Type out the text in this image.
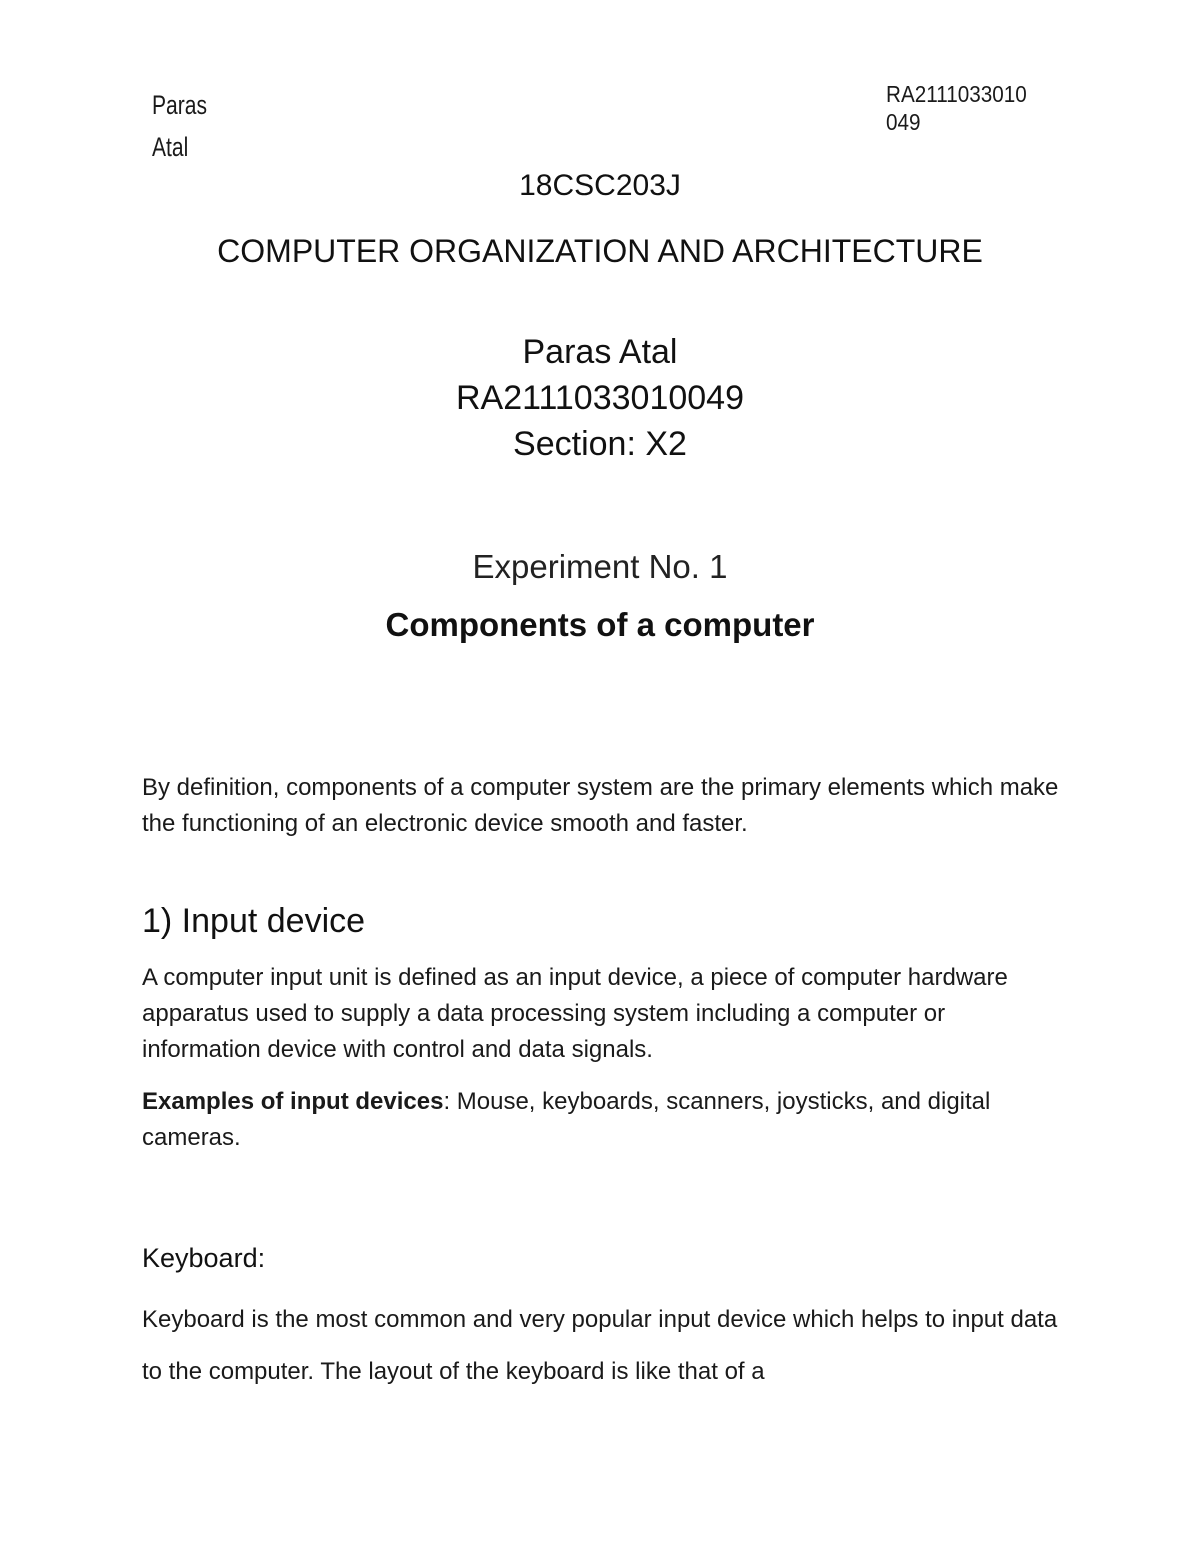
Paras
Atal
RA2111033010
049

18CSC203J

COMPUTER ORGANIZATION AND ARCHITECTURE

Paras Atal
RA2111033010049
Section: X2

Experiment No. 1

Components of a computer

By definition, components of a computer system are the primary elements which make the functioning of an electronic device smooth and faster.

1) Input device

A computer input unit is defined as an input device, a piece of computer hardware apparatus used to supply a data processing system including a computer or information device with control and data signals.

Examples of input devices: Mouse, keyboards, scanners, joysticks, and digital cameras.

Keyboard:

Keyboard is the most common and very popular input device which helps to input data to the computer. The layout of the keyboard is like that of a
